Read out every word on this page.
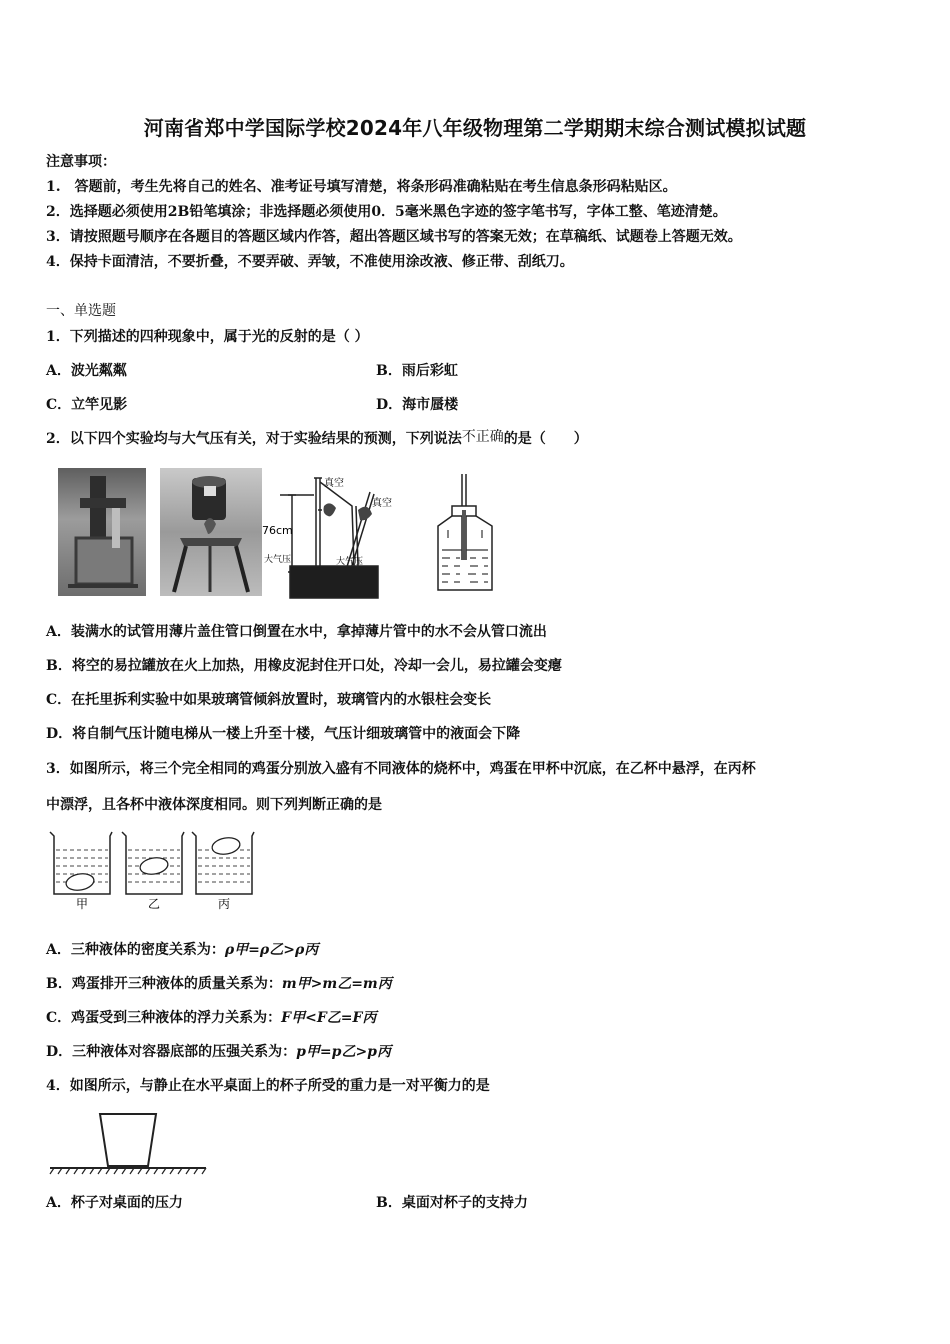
河南省郑中学国际学校2024年八年级物理第二学期期末综合测试模拟试题
注意事项：
1.　答题前，考生先将自己的姓名、准考证号填写清楚，将条形码准确粘贴在考生信息条形码粘贴区。
2．选择题必须使用2B铅笔填涂；非选择题必须使用0．5毫米黑色字迹的签字笔书写，字体工整、笔迹清楚。
3．请按照题号顺序在各题目的答题区域内作答，超出答题区域书写的答案无效；在草稿纸、试题卷上答题无效。
4．保持卡面清洁，不要折叠，不要弄破、弄皱，不准使用涂改液、修正带、刮纸刀。
一、单选题
1．下列描述的四种现象中，属于光的反射的是（ ）
A．波光粼粼	B．雨后彩虹
C．立竿见影	D．海市蜃楼
2．以下四个实验均与大气压有关，对于实验结果的预测，下列说法不正确的是（　　）
真空
真空
76cm
大气压	大气压
A．装满水的试管用薄片盖住管口倒置在水中，拿掉薄片管中的水不会从管口流出
B．将空的易拉罐放在火上加热，用橡皮泥封住开口处，冷却一会儿，易拉罐会变瘪
C．在托里拆利实验中如果玻璃管倾斜放置时，玻璃管内的水银柱会变长
D．将自制气压计随电梯从一楼上升至十楼，气压计细玻璃管中的液面会下降
3．如图所示，将三个完全相同的鸡蛋分别放入盛有不同液体的烧杯中，鸡蛋在甲杯中沉底，在乙杯中悬浮，在丙杯
中漂浮，且各杯中液体深度相同。则下列判断正确的是
甲	乙	丙
A．三种液体的密度关系为：ρ甲=ρ乙>ρ丙
B．鸡蛋排开三种液体的质量关系为：m甲>m乙=m丙
C．鸡蛋受到三种液体的浮力关系为：F甲<F乙=F丙
D．三种液体对容器底部的压强关系为：p甲=p乙>p丙
4．如图所示，与静止在水平桌面上的杯子所受的重力是一对平衡力的是
A．杯子对桌面的压力	B．桌面对杯子的支持力
